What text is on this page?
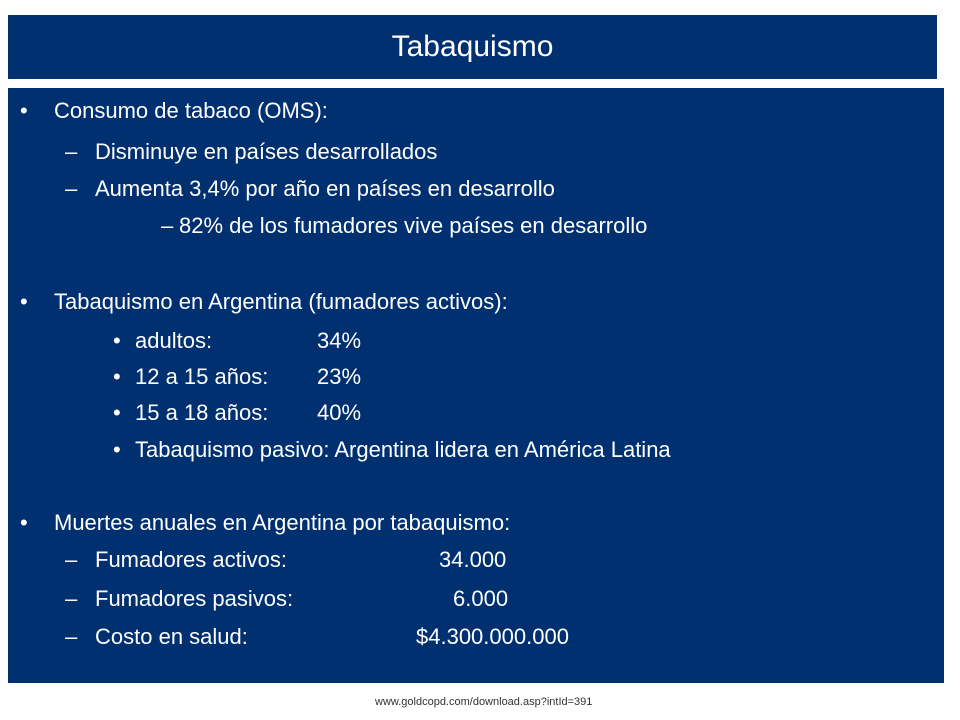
Tabaquismo
• Consumo de tabaco (OMS):
– Disminuye en países desarrollados
– Aumenta 3,4% por año en países en desarrollo
– 82% de los fumadores vive países en desarrollo
• Tabaquismo en Argentina (fumadores activos):
• adultos:	34%
• 12 a 15 años: 23%
• 15 a 18 años: 40%
• Tabaquismo pasivo: Argentina lidera en América Latina
• Muertes anuales en Argentina por tabaquismo:
– Fumadores activos:	34.000
– Fumadores pasivos:	6.000
– Costo en salud:	$4.300.000.000
www.goldcopd.com/download.asp?intId=391
